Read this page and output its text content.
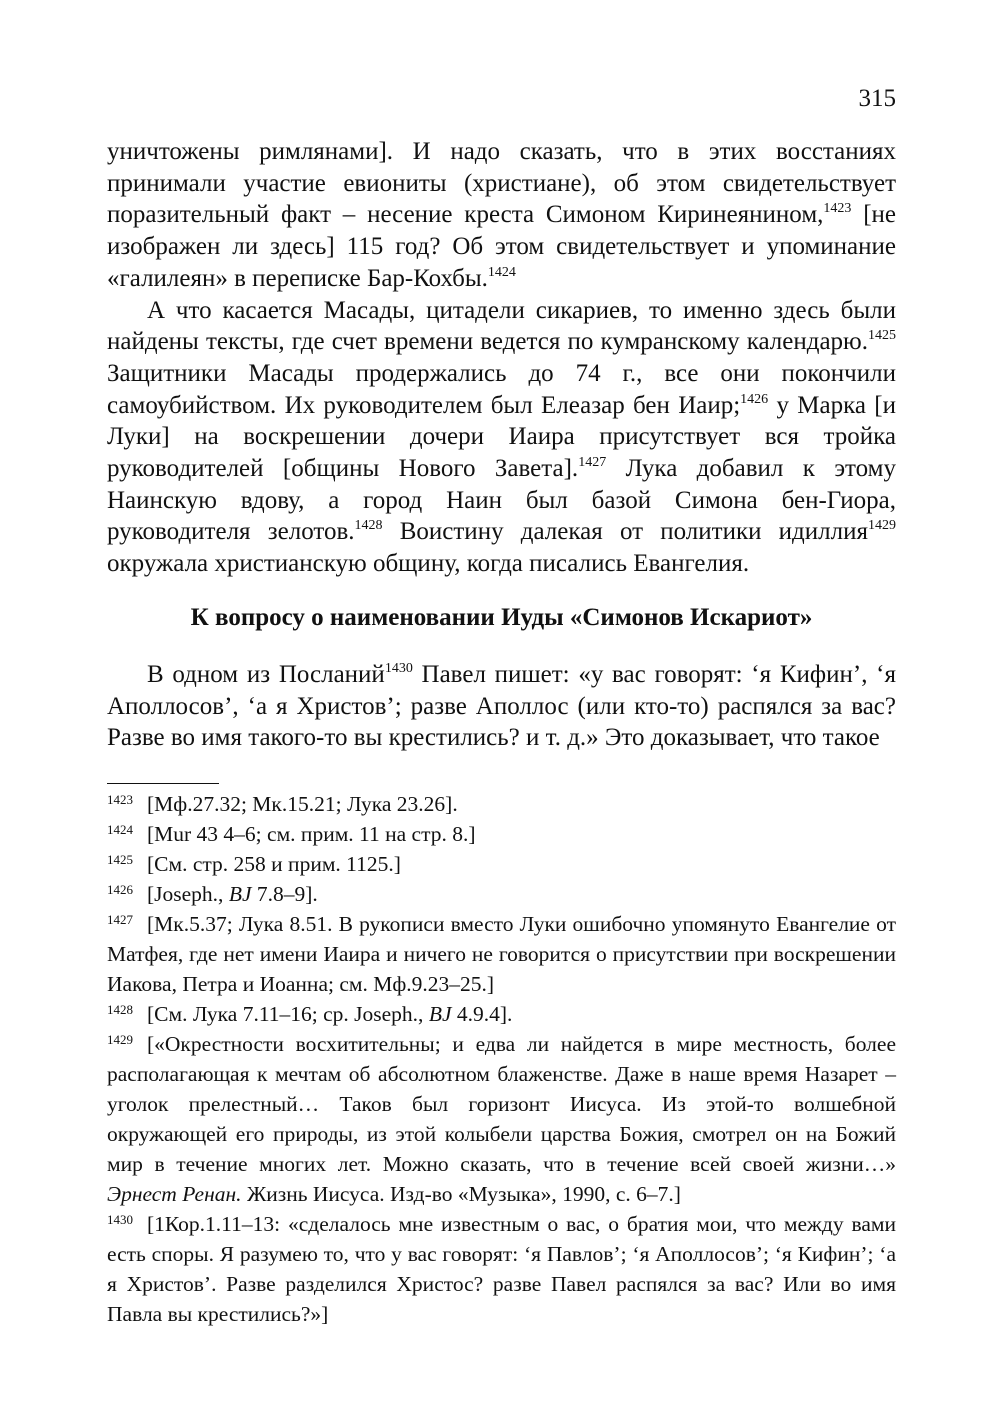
315

уничтожены римлянами]. И надо сказать, что в этих восстаниях принимали участие евиониты (христиане), об этом свидетельствует поразительный факт – несение креста Симоном Киринеянином,$^{1423}$ [не изображен ли здесь] 115 год? Об этом свидетельствует и упоминание «галилеян» в переписке Бар-Кохбы.$^{1424}$

А что касается Масады, цитадели сикариев, то именно здесь были найдены тексты, где счет времени ведется по кумранскому календарю.$^{1425}$ Защитники Масады продержались до 74 г., все они покончили самоубийством. Их руководителем был Елеазар бен Иаир;$^{1426}$ у Марка [и Луки] на воскрешении дочери Иаира присутствует вся тройка руководителей [общины Нового Завета].$^{1427}$ Лука добавил к этому Наинскую вдову, а город Наин был базой Симона бен-Гиора, руководителя зелотов.$^{1428}$ Воистину далекая от политики идиллия$^{1429}$ окружала христианскую общину, когда писались Евангелия.

К вопросу о наименовании Иуды «Симонов Искариот»

В одном из Посланий$^{1430}$ Павел пишет: «у вас говорят: ‘я Кифин’, ‘я Аполлосов’, ‘а я Христов’; разве Аполлос (или кто-то) распялся за вас? Разве во имя такого-то вы крестились? и т. д.» Это доказывает, что такое

1423 [Мф.27.32; Мк.15.21; Лука 23.26].

1424 [Mur 43 4–6; см. прим. 11 на стр. 8.]

1425 [См. стр. 258 и прим. 1125.]

1426 [Joseph., BJ 7.8–9].

1427 [Мк.5.37; Лука 8.51. В рукописи вместо Луки ошибочно упомянуто Евангелие от Матфея, где нет имени Иаира и ничего не говорится о присутствии при воскрешении Иакова, Петра и Иоанна; см. Мф.9.23–25.]

1428 [См. Лука 7.11–16; ср. Joseph., BJ 4.9.4].

1429 [«Окрестности восхитительны; и едва ли найдется в мире местность, более располагающая к мечтам об абсолютном блаженстве. Даже в наше время Назарет – уголок прелестный… Таков был горизонт Иисуса. Из этой-то волшебной окружающей его природы, из этой колыбели царства Божия, смотрел он на Божий мир в течение многих лет. Можно сказать, что в течение всей своей жизни…» Эрнест Ренан. Жизнь Иисуса. Изд-во «Музыка», 1990, с. 6–7.]

1430 [1Кор.1.11–13: «сделалось мне известным о вас, о братия мои, что между вами есть споры. Я разумею то, что у вас говорят: ‘я Павлов’; ‘я Аполлосов’; ‘я Кифин’; ‘а я Христов’. Разве разделился Христос? разве Павел распялся за вас? Или во имя Павла вы крестились?»]
